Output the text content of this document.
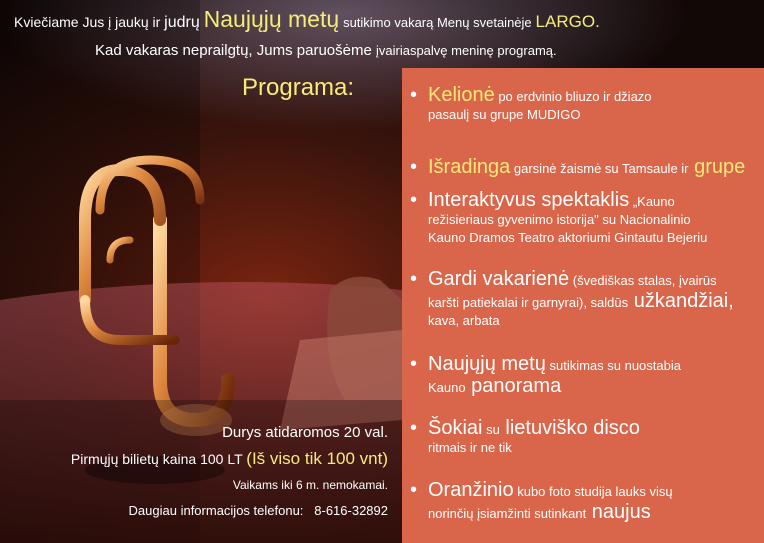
Kviečiame Jus į jaukų ir judrų Naujųjų metų sutikimo vakarą Menų svetainėje LARGO.
Kad vakaras neprailgtų, Jums paruošėme įvairiaspalvę meninę programą.
Programa:	• Kelionė po erdvinio bliuzo ir džiazo
pasaulį su grupe MUDIGO
• Išradinga garsinė žaismė su Tamsaule ir grupe
• Interaktyvus spektaklis „Kauno
režisieriaus gyvenimo istorija" su Nacionalinio
Kauno Dramos Teatro aktoriumi Gintautu Bejeriu
• Gardi vakarienė (švediškas stalas, įvairūs
karšti patiekalai ir garnyrai), saldūs užkandžiai,
kava, arbata
• Naujųjų metų sutikimas su nuostabia
Kauno panorama
• Šokiai su lietuviško disco
ritmais ir ne tik
• Oranžinio kubo foto studija lauks visų
norinčių įsiamžinti sutinkant naujus
Durys atidaromos 20 val.
Pirmųjų bilietų kaina 100 LT (Iš viso tik 100 vnt)
Vaikams iki 6 m. nemokamai.
Daugiau informacijos telefonu: 8-616-32892
